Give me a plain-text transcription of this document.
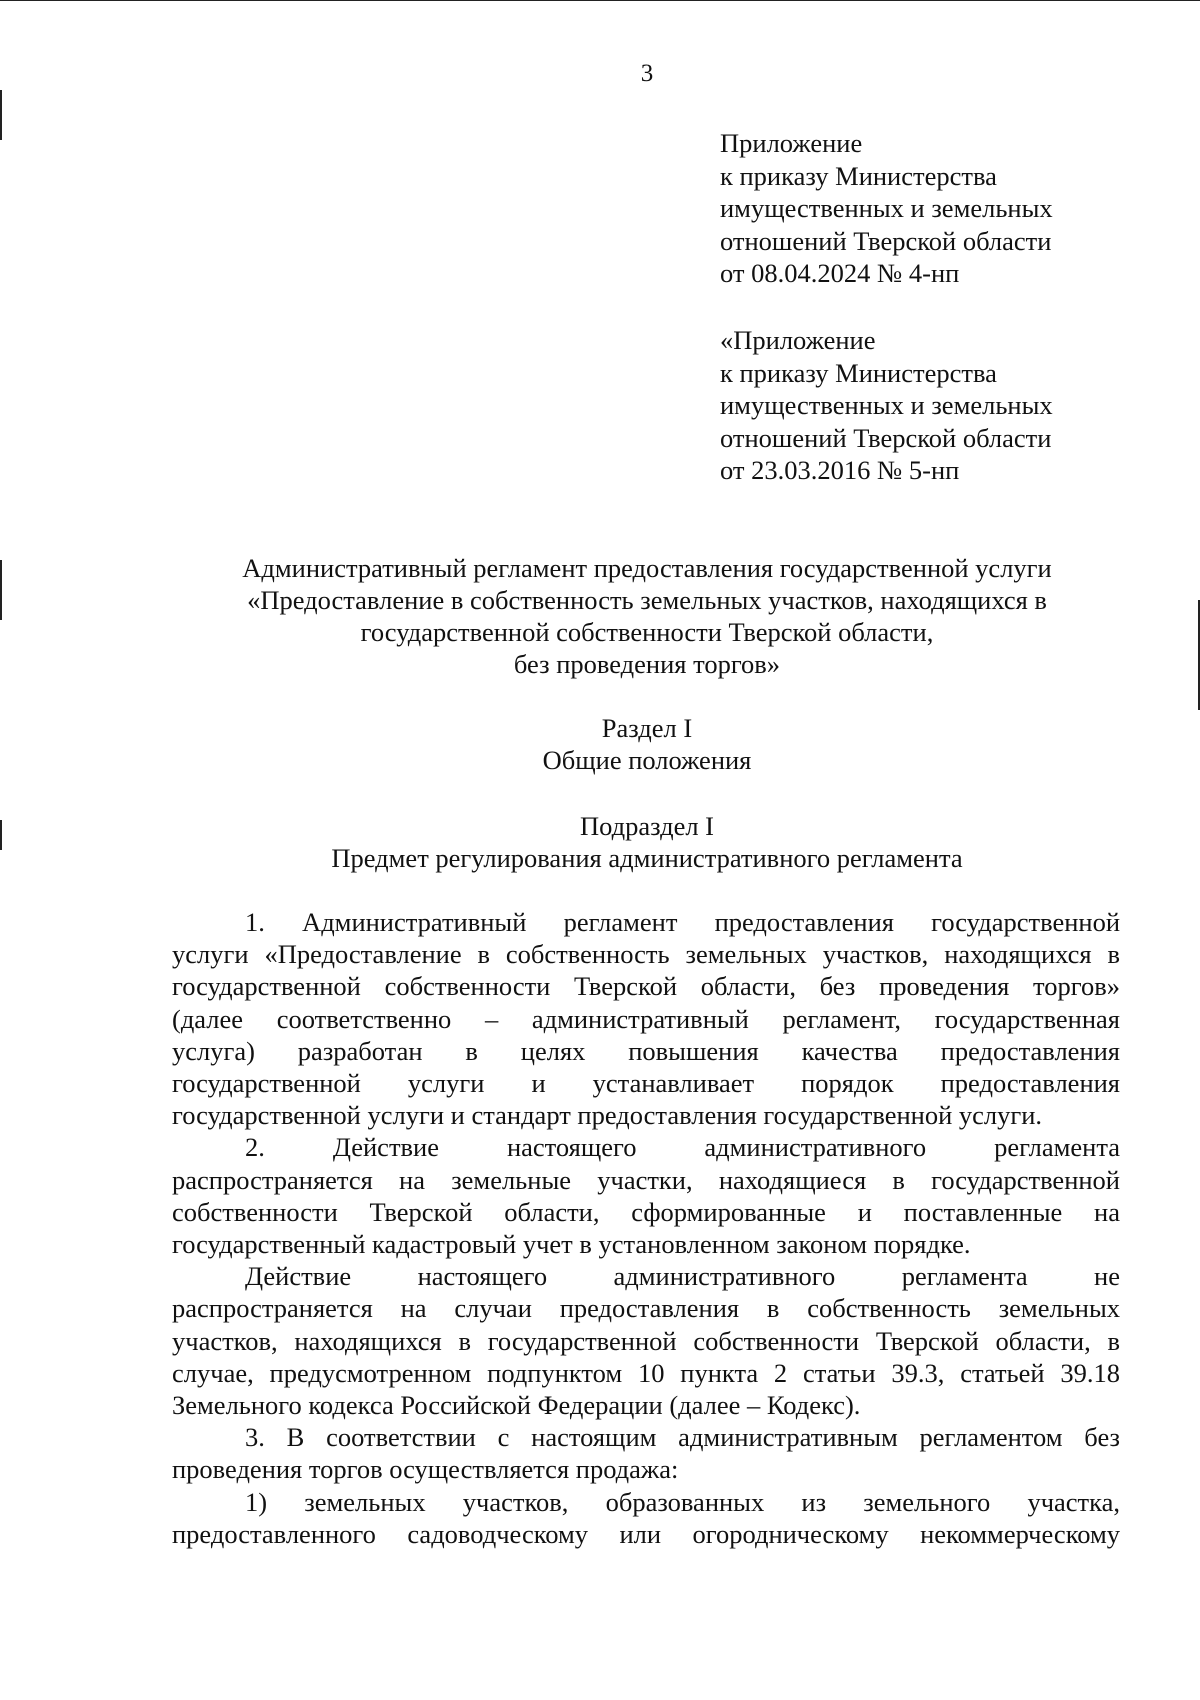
3
Приложение
к приказу Министерства
имущественных и земельных
отношений Тверской области
от 08.04.2024 № 4-нп
«Приложение
к приказу Министерства
имущественных и земельных
отношений Тверской области
от 23.03.2016 № 5-нп
Административный регламент предоставления государственной услуги
«Предоставление в собственность земельных участков, находящихся в
государственной собственности Тверской области,
без проведения торгов»
Раздел I
Общие положения
Подраздел I
Предмет регулирования административного регламента
1. Административный регламент предоставления государственной
услуги «Предоставление в собственность земельных участков, находящихся в
государственной собственности Тверской области, без проведения торгов»
(далее соответственно – административный регламент, государственная
услуга) разработан в целях повышения качества предоставления
государственной услуги и устанавливает порядок предоставления
государственной услуги и стандарт предоставления государственной услуги.
2. Действие настоящего административного регламента
распространяется на земельные участки, находящиеся в государственной
собственности Тверской области, сформированные и поставленные на
государственный кадастровый учет в установленном законом порядке.
Действие настоящего административного регламента не
распространяется на случаи предоставления в собственность земельных
участков, находящихся в государственной собственности Тверской области, в
случае, предусмотренном подпунктом 10 пункта 2 статьи 39.3, статьей 39.18
Земельного кодекса Российской Федерации (далее – Кодекс).
3. В соответствии с настоящим административным регламентом без
проведения торгов осуществляется продажа:
1) земельных участков, образованных из земельного участка,
предоставленного садоводческому или огородническому некоммерческому
